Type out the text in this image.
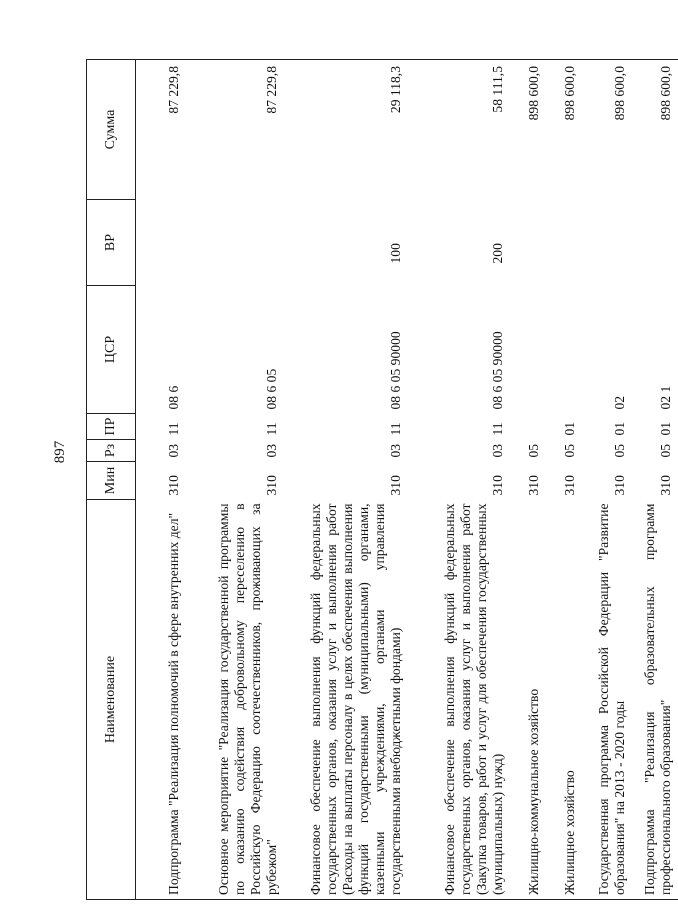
897
Наименование	Мин	Рз	ПР	ЦСР	ВР	Сумма
Подпрограмма "Реализация полномочий в сфере внутренних дел"	310	03	11	08 6		87 229,8
Основное мероприятие "Реализация государственной программы по оказанию содействия добровольному переселению в Российскую Федерацию соотечественников, проживающих за рубежом"	310	03	11	08 6 05		87 229,8
Финансовое обеспечение выполнения функций федеральных государственных органов, оказания услуг и выполнения работ (Расходы на выплаты персоналу в целях обеспечения выполнения функций государственными (муниципальными) органами, казенными учреждениями, органами управления государственными внебюджетными фондами)	310	03	11	08 6 05 90000	100	29 118,3
Финансовое обеспечение выполнения функций федеральных государственных органов, оказания услуг и выполнения работ (Закупка товаров, работ и услуг для обеспечения государственных (муниципальных) нужд)	310	03	11	08 6 05 90000	200	58 111,5
Жилищно-коммунальное хозяйство	310	05				898 600,0
Жилищное хозяйство	310	05	01			898 600,0
Государственная программа Российской Федерации "Развитие образования" на 2013 - 2020 годы	310	05	01	02		898 600,0
Подпрограмма "Реализация образовательных программ профессионального образования"	310	05	01	02 1		898 600,0
